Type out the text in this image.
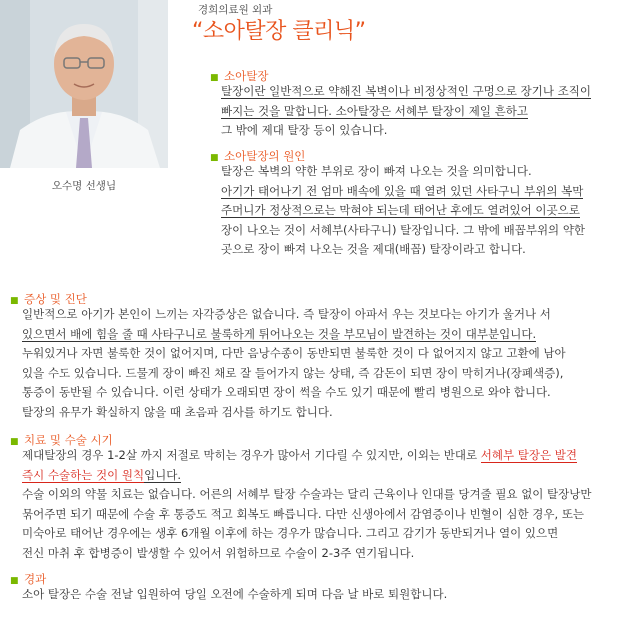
오수명 선생님
경희의료원 외과
“소아탈장 클리닉”
■ 소아탈장
탈장이란 일반적으로 약해진 복벽이나 비정상적인 구멍으로 장기나 조직이
빠지는 것을 말합니다. 소아탈장은 서혜부 탈장이 제일 흔하고
그 밖에 제대 탈장 등이 있습니다.
■ 소아탈장의 원인
탈장은 복벽의 약한 부위로 장이 빠져 나오는 것을 의미합니다.
아기가 태어나기 전 엄마 배속에 있을 때 열려 있던 사타구니 부위의 복막
주머니가 정상적으로는 막혀야 되는데 태어난 후에도 열려있어 이곳으로
장이 나오는 것이 서혜부(사타구니) 탈장입니다. 그 밖에 배꼽부위의 약한
곳으로 장이 빠져 나오는 것을 제대(배꼽) 탈장이라고 합니다.
■ 증상 및 진단
일반적으로 아기가 본인이 느끼는 자각증상은 없습니다. 즉 탈장이 아파서 우는 것보다는 아기가 울거나 서
있으면서 배에 힘을 줄 때 사타구니로 불룩하게 튀어나오는 것을 부모님이 발견하는 것이 대부분입니다.
누워있거나 자면 불룩한 것이 없어지며, 다만 음낭수종이 동반되면 불룩한 것이 다 없어지지 않고 고환에 남아
있을 수도 있습니다. 드물게 장이 빠진 채로 잘 들어가지 않는 상태, 즉 감돈이 되면 장이 막히거나(장폐색증),
통증이 동반될 수 있습니다. 이런 상태가 오래되면 장이 썩을 수도 있기 때문에 빨리 병원으로 와야 합니다.
탈장의 유무가 확실하지 않을 때 초음파 검사를 하기도 합니다.
■ 치료 및 수술 시기
제대탈장의 경우 1-2살 까지 저절로 막히는 경우가 많아서 기다릴 수 있지만, 이외는 반대로 서혜부 탈장은 발견
즉시 수술하는 것이 원칙입니다.
수술 이외의 약물 치료는 없습니다. 어른의 서혜부 탈장 수술과는 달리 근육이나 인대를 당겨줄 필요 없이 탈장낭만
묶어주면 되기 때문에 수술 후 통증도 적고 회복도 빠릅니다. 다만 신생아에서 감염증이나 빈혈이 심한 경우, 또는
미숙아로 태어난 경우에는 생후 6개월 이후에 하는 경우가 많습니다. 그리고 감기가 동반되거나 열이 있으면
전신 마취 후 합병증이 발생할 수 있어서 위험하므로 수술이 2-3주 연기됩니다.
■ 경과
소아 탈장은 수술 전날 입원하여 당일 오전에 수술하게 되며 다음 날 바로 퇴원합니다.
